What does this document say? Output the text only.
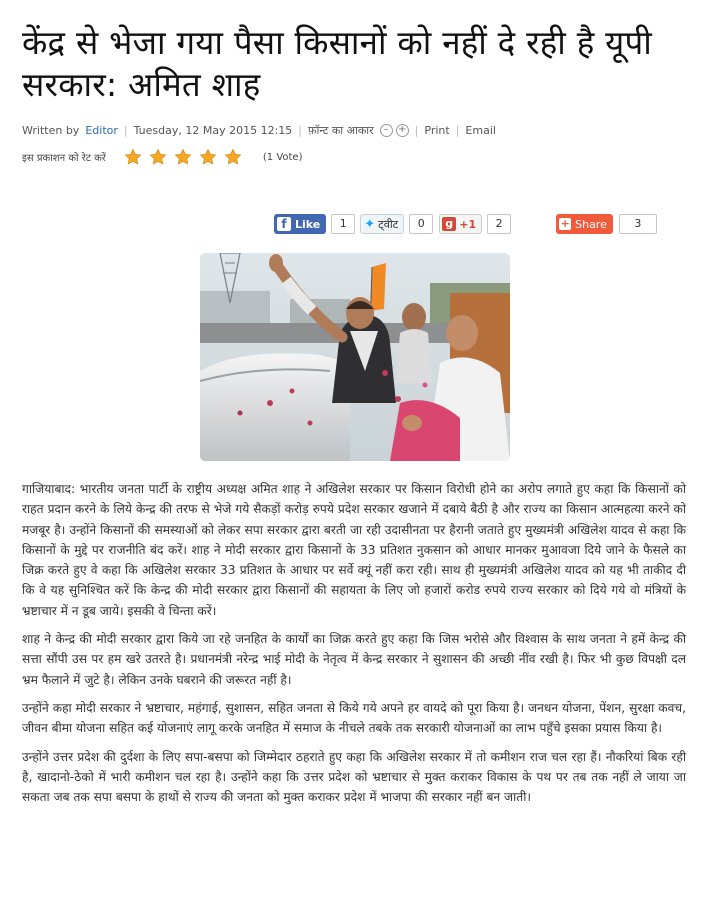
केंद्र से भेजा गया पैसा किसानों को नहीं दे रही है यूपी सरकार: अमित शाह
Written by Editor | Tuesday, 12 May 2015 12:15 | फ़ॉन्ट का आकार	– + | Print | Email
इस प्रकाशन को रेट करें	(1 Vote)
f Like	1	✦ ट्वीट	0	g +1	2	+ Share	3

गाजियाबाद: भारतीय जनता पार्टी के राष्ट्रीय अध्यक्ष अमित शाह ने अखिलेश सरकार पर किसान विरोधी होने का अरोप लगाते हुए कहा कि किसानों को राहत प्रदान करने के लिये केन्द्र की तरफ से भेजे गये सैकड़ों करोड़ रुपये प्रदेश सरकार खजाने में दबाये बैठी है और राज्य का किसान आत्महत्या करने को मजबूर है। उन्होंने किसानों की समस्याओं को लेकर सपा सरकार द्वारा बरती जा रही उदासीनता पर हैरानी जताते हुए मुख्यमंत्री अखिलेश यादव से कहा कि किसानों के मुद्दे पर राजनीति बंद करें। शाह ने मोदी सरकार द्वारा किसानों के 33 प्रतिशत नुकसान को आधार मानकर मुआवजा दिये जाने के फैसले का जिक्र करते हुए वे कहा कि अखिलेश सरकार 33 प्रतिशत के आधार पर सर्वे क्यूं नहीं करा रही। साथ ही मुख्यमंत्री अखिलेश यादव को यह भी ताकीद दी कि वे यह सुनिश्चित करें कि केन्द्र की मोदी सरकार द्वारा किसानों की सहायता के लिए जो हजारों करोड रुपये राज्य सरकार को दिये गये वो मंत्रियों के भ्रष्टाचार में न डूब जाये। इसकी वे चिन्ता करें।

शाह ने केन्द्र की मोदी सरकार द्वारा किये जा रहे जनहित के कार्यों का जिक्र करते हुए कहा कि जिस भरोसे और विश्वास के साथ जनता ने हमें केन्द्र की सत्ता सौंपी उस पर हम खरे उतरते है। प्रधानमंत्री नरेन्द्र भाई मोदी के नेतृत्व में केन्द्र सरकार ने सुशासन की अच्छी नींव रखी है। फिर भी कुछ विपक्षी दल भ्रम फैलाने में जुटे है। लेकिन उनके घबराने की जरूरत नहीं है।

उन्होंने कहा मोदी सरकार ने भ्रष्टाचार, महंगाई, सुशासन, सहित जनता से किये गये अपने हर वायदे को पूरा किया है। जनधन योजना, पेंशन, सुरक्षा कवच, जीवन बीमा योजना सहित कई योजनाएं लागू करके जनहित में समाज के नीचले तबके तक सरकारी योजनाओं का लाभ पहुँचे इसका प्रयास किया है।

उन्होंने उत्तर प्रदेश की दुर्दशा के लिए सपा-बसपा को जिम्मेदार ठहराते हुए कहा कि अखिलेश सरकार में तो कमीशन राज चल रहा हैं। नौकरियां बिक रही है, खादानो-ठेको में भारी कमीशन चल रहा है। उन्होंने कहा कि उत्तर प्रदेश को भ्रष्टाचार से मुक्त कराकर विकास के पथ पर तब तक नहीं ले जाया जा सकता जब तक सपा बसपा के हाथों से राज्य की जनता को मुक्त कराकर प्रदेश में भाजपा की सरकार नहीं बन जाती।
